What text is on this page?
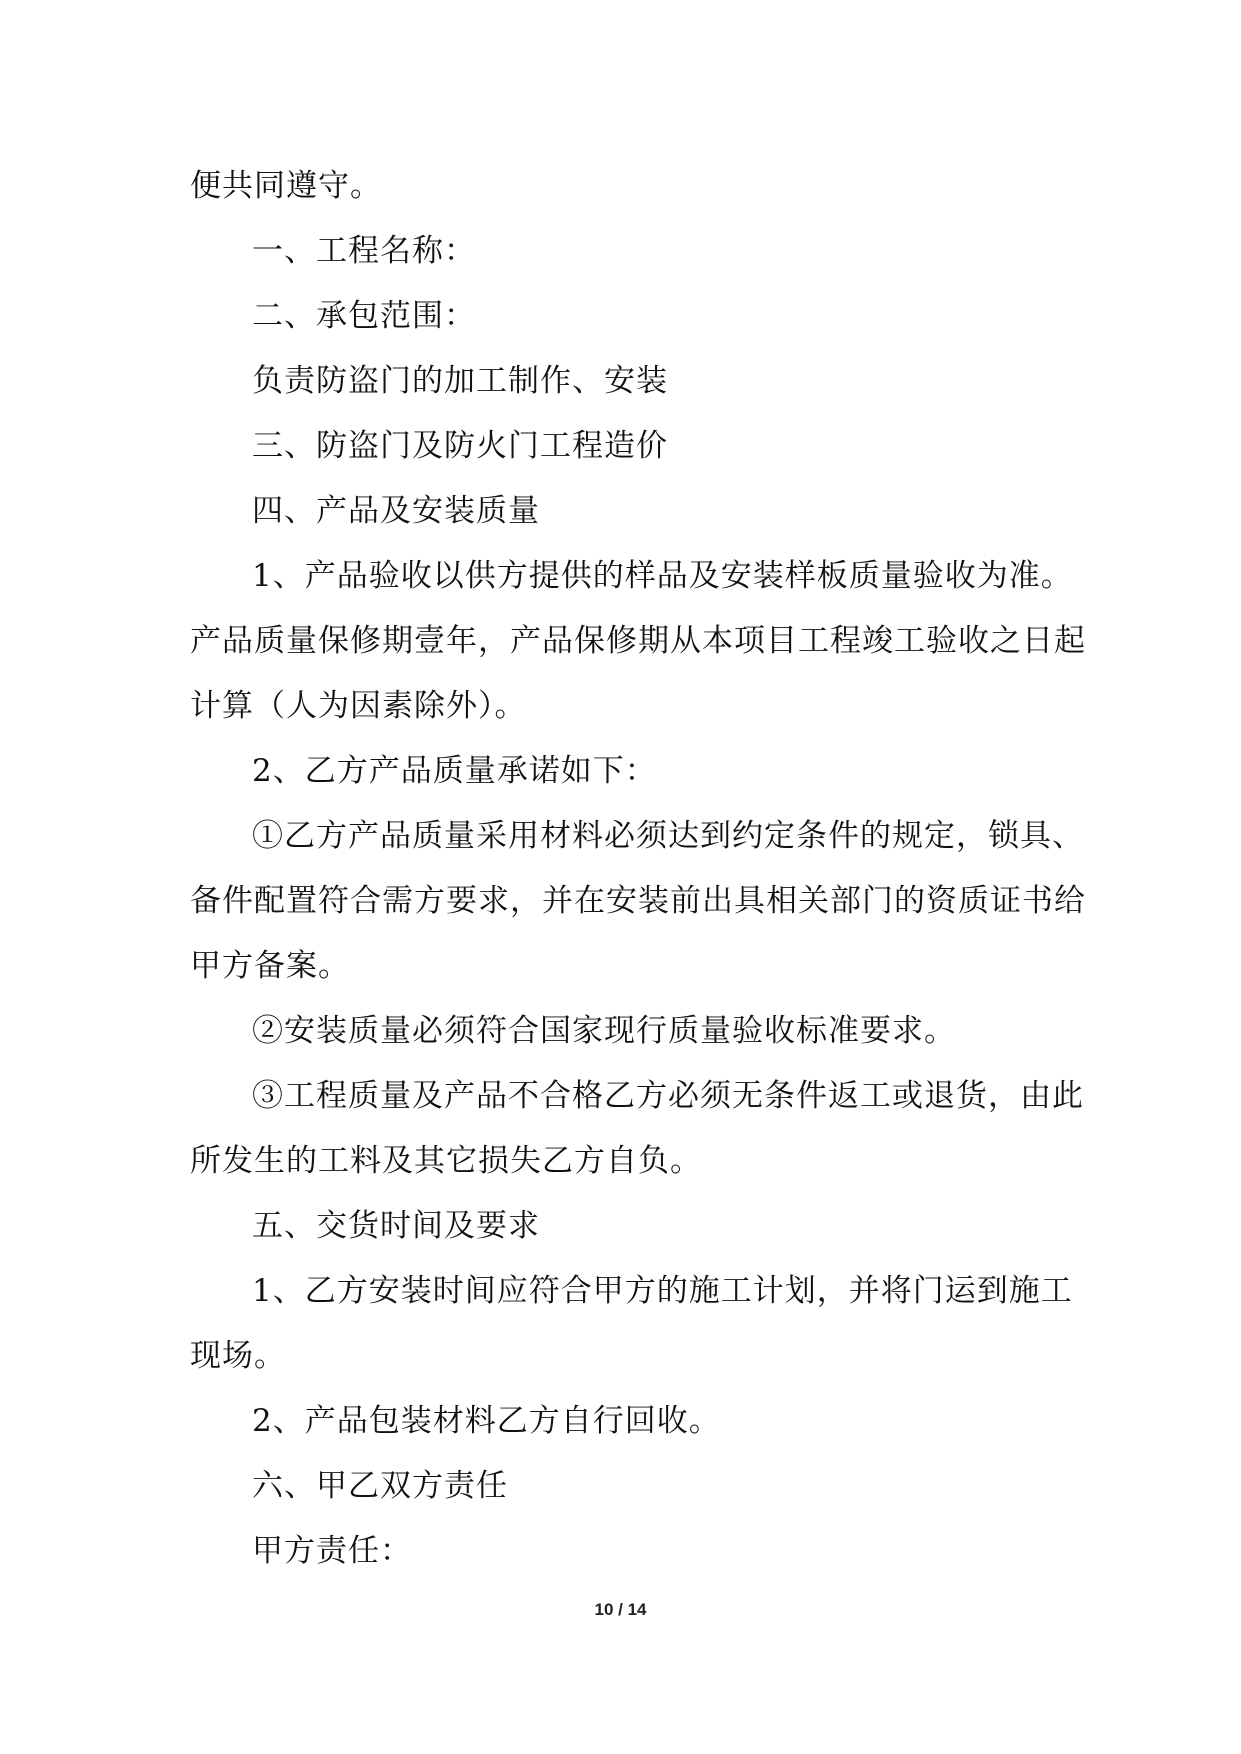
便共同遵守。
一、工程名称：
二、承包范围：
负责防盗门的加工制作、安装
三、防盗门及防火门工程造价
四、产品及安装质量
1、产品验收以供方提供的样品及安装样板质量验收为准。
产品质量保修期壹年，产品保修期从本项目工程竣工验收之日起
计算（人为因素除外）。
2、乙方产品质量承诺如下：
①乙方产品质量采用材料必须达到约定条件的规定，锁具、
备件配置符合需方要求，并在安装前出具相关部门的资质证书给
甲方备案。
②安装质量必须符合国家现行质量验收标准要求。
③工程质量及产品不合格乙方必须无条件返工或退货，由此
所发生的工料及其它损失乙方自负。
五、交货时间及要求
1、乙方安装时间应符合甲方的施工计划，并将门运到施工
现场。
2、产品包装材料乙方自行回收。
六、甲乙双方责任
甲方责任：
10 / 14
